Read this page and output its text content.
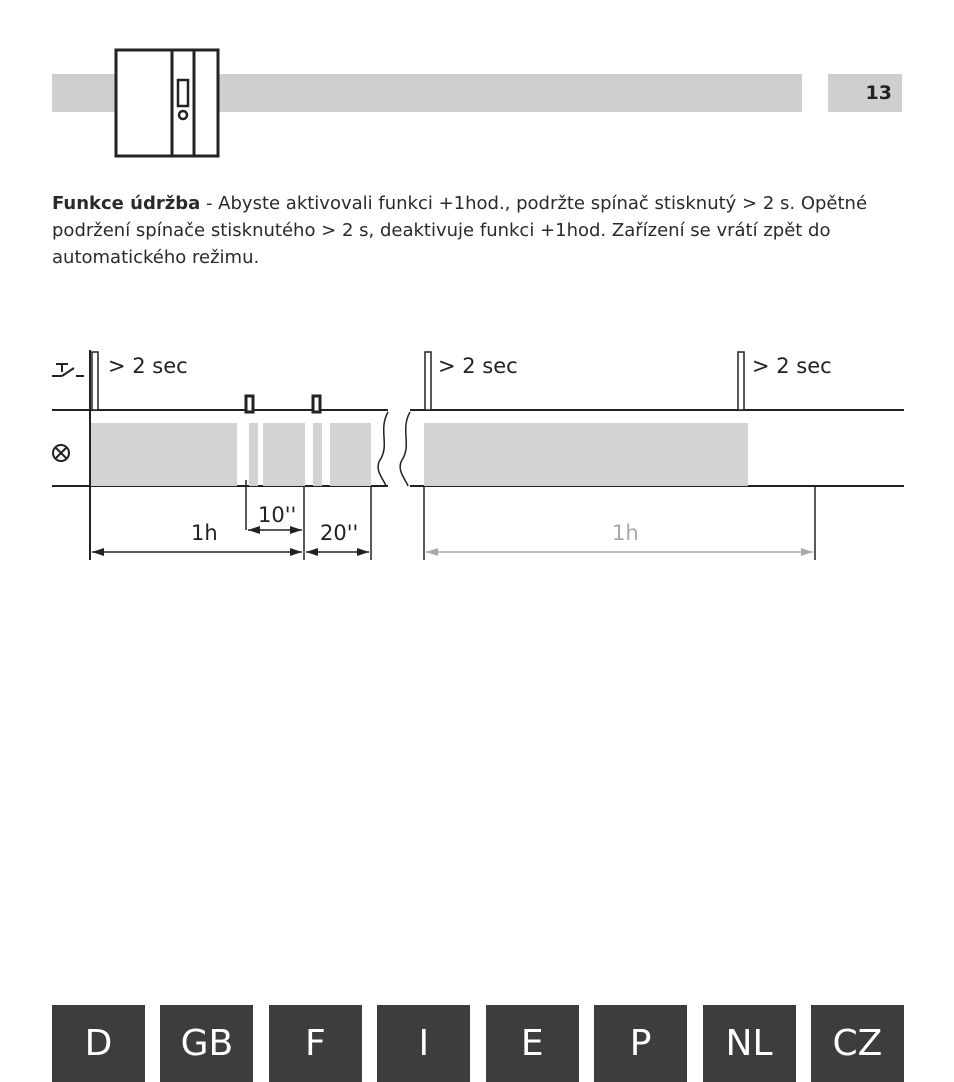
13

Funkce údržba - Abyste aktivovali funkci +1hod., podržte spínač stisknutý > 2 s. Opětné podržení spínače stisknutého > 2 s, deaktivuje funkci +1hod. Zařízení se vrátí zpět do automatického režimu.

> 2 sec	> 2 sec	> 2 sec
1h
10''
20''	1h
D	GB	F	I	E	P	NL	CZ
